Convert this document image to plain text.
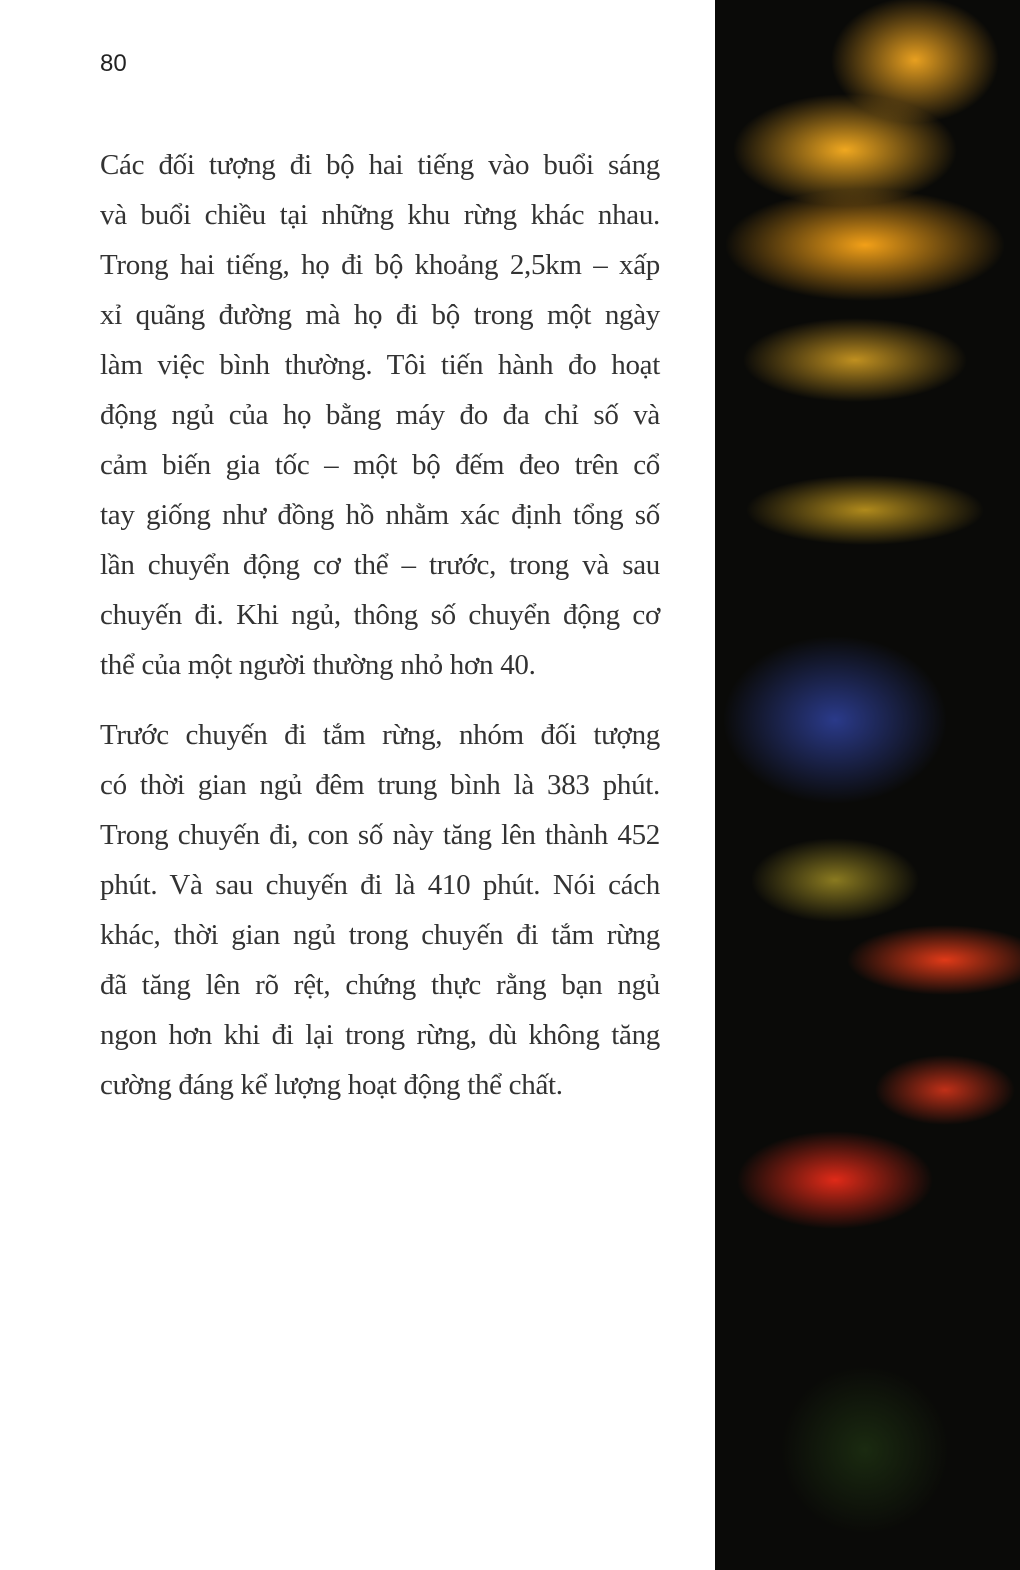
80
Các đối tượng đi bộ hai tiếng vào buổi sáng
và buổi chiều tại những khu rừng khác nhau.
Trong hai tiếng, họ đi bộ khoảng 2,5km – xấp
xỉ quãng đường mà họ đi bộ trong một ngày
làm việc bình thường. Tôi tiến hành đo hoạt
động ngủ của họ bằng máy đo đa chỉ số và
cảm biến gia tốc – một bộ đếm đeo trên cổ
tay giống như đồng hồ nhằm xác định tổng số
lần chuyển động cơ thể – trước, trong và sau
chuyến đi. Khi ngủ, thông số chuyển động cơ
thể của một người thường nhỏ hơn 40.
Trước chuyến đi tắm rừng, nhóm đối tượng
có thời gian ngủ đêm trung bình là 383 phút.
Trong chuyến đi, con số này tăng lên thành 452
phút. Và sau chuyến đi là 410 phút. Nói cách
khác, thời gian ngủ trong chuyến đi tắm rừng
đã tăng lên rõ rệt, chứng thực rằng bạn ngủ
ngon hơn khi đi lại trong rừng, dù không tăng
cường đáng kể lượng hoạt động thể chất.
